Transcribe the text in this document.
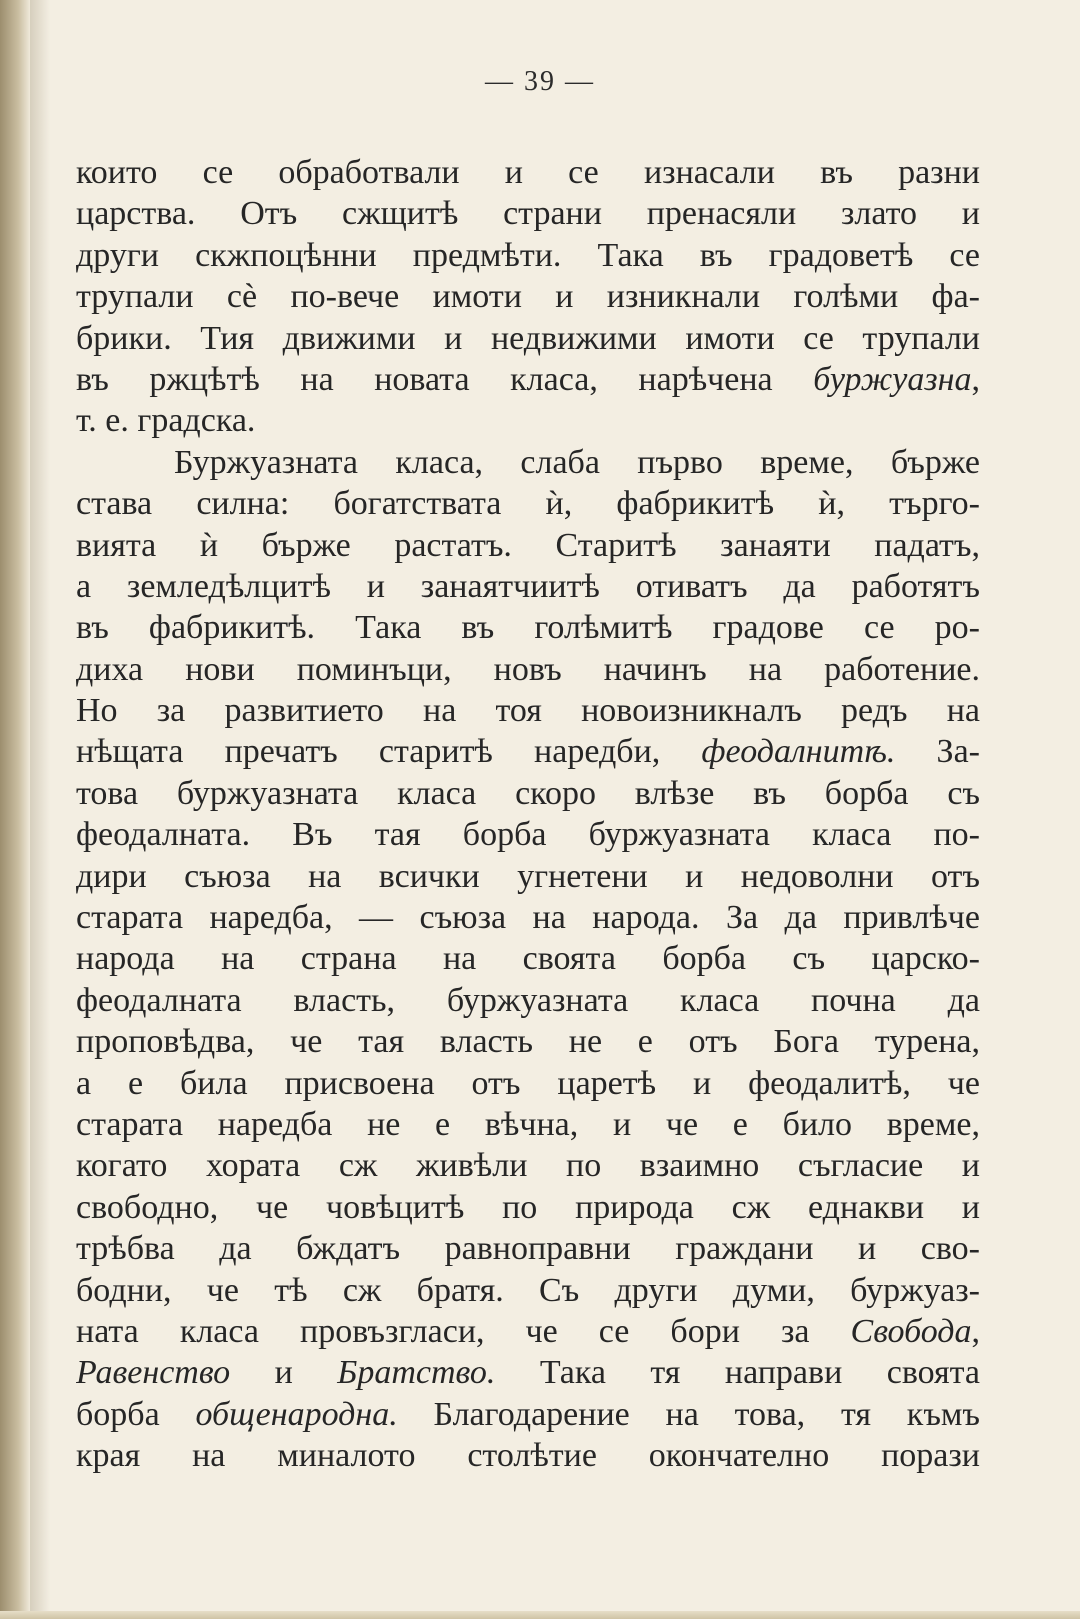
— 39 —
които се обработвали и се изнасали въ разни
царства. Отъ сжщитѣ страни пренасяли злато и
други скжпоцѣнни предмѣти. Така въ градоветѣ се
трупали сѐ по-вече имоти и изникнали голѣми фа-
брики. Тия движими и недвижими имоти се трупали
въ ржцѣтѣ на новата класа, нарѣчена буржуазна,
т. е. градска.
Буржуазната класа, слаба първо време, бърже
става силна: богатствата ѝ, фабрикитѣ ѝ, търго-
вията ѝ бърже растатъ. Старитѣ занаяти падатъ,
а земледѣлцитѣ и занаятчиитѣ отиватъ да работятъ
въ фабрикитѣ. Така въ голѣмитѣ градове се ро-
диха нови поминъци, новъ начинъ на работение.
Но за развитието на тоя новоизникналъ редъ на
нѣщата пречатъ старитѣ наредби, феодалнитѣ. За-
това буржуазната класа скоро влѣзе въ борба съ
феодалната. Въ тая борба буржуазната класа по-
дири съюза на всички угнетени и недоволни отъ
старата наредба, — съюза на народа. За да привлѣче
народа на страна на своята борба съ царско-
феодалната власть, буржуазната класа почна да
проповѣдва, че тая власть не е отъ Бога турена,
а е била присвоена отъ царетѣ и феодалитѣ, че
старата наредба не е вѣчна, и че е било време,
когато хората сж живѣли по взаимно съгласие и
свободно, че човѣцитѣ по природа сж еднакви и
трѣбва да бждатъ равноправни граждани и сво-
бодни, че тѣ сж братя. Съ други думи, буржуаз-
ната класа провъзгласи, че се бори за Свобода,
Равенство и Братство. Така тя направи своята
борба общенародна. Благодарение на това, тя къмъ
края на миналото столѣтие окончателно порази
